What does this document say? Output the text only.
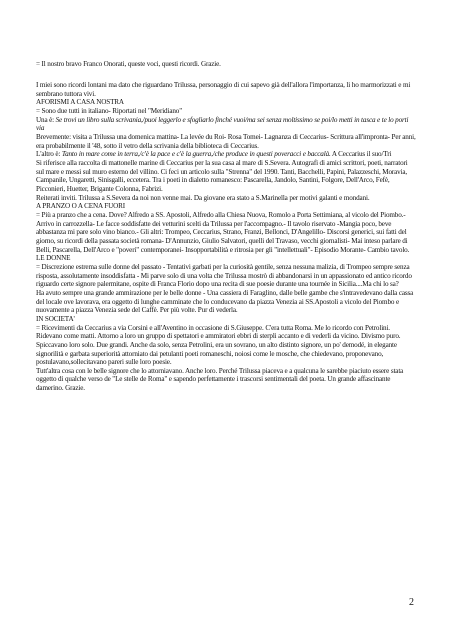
= Il nostro bravo Franco Onorati, queste voci, questi ricordi. Grazie.

I miei sono ricordi lontani ma dato che riguardano Trilussa, personaggio di cui sapevo già dell'allora l'importanza, li ho marmorizzati e mi sembrano tuttora vivi.

AFORISMI A CASA NOSTRA

= Sono due tutti in italiano- Riportati nel "Meridiano"

Una è: Se trovi un libro sulla scrivania,/puoi leggerlo e sfogliarlo finché vuoi/ma sei senza moltissimo se poi/lo metti in tasca e te lo porti via

Brevemente: visita a Trilussa una domenica mattina- La levée du Roi- Rosa Tomei- Lagnanza di Ceccarius- Scrittura all'impronta- Per anni, era probabilmente il '48, sotto il vetro della scrivania della biblioteca di Ceccarius.

L'altro è: Tanto in mare come in terra,/c'è la pace e c'è la guerra,/che produce in questi poveracci e baccalà. A Ceccarius il suo/Tri

Si riferisce alla raccolta di mattonelle marine di Ceccarius per la sua casa al mare di S.Severa. Autografi di amici scrittori, poeti, narratori sul mare e messi sul muro esterno del villino. Ci feci un articolo sulla "Strenna" del 1990. Tanti, Bacchelli, Papini, Palazzeschi, Moravia, Campanile, Ungaretti, Sinisgalli, eccetera. Tra i poeti in dialetto romanesco: Pascarella, Jandolo, Santini, Folgore, Dell'Arco, Fefè, Picconieri, Huetter, Brigante Colonna, Fabrizi.

Reiterati inviti. Trilussa a S.Severa da noi non venne mai. Da giovane era stato a S.Marinella per motivi galanti e mondani.

A PRANZO O A CENA FUORI

= Più a pranzo che a cena. Dove? Alfredo a SS. Apostoli, Alfredo alla Chiesa Nuova, Romolo a Porta Settimiana, al vicolo del Piombo.- Arrivo in carrozzella- Le facce soddisfatte dei vetturini scelti da Trilussa per l'accompagno.- Il tavolo riservato -Mangia poco, beve abbastanza mi pare solo vino bianco.- Gli altri: Trompeo, Ceccarius, Strano, Franzi, Bellonci, D'Angelillo- Discorsi generici, sui fatti del giorno, su ricordi della passata società romana- D'Annunzio, Giulio Salvatori, quelli del Travaso, vecchi giornalisti- Mai inteso parlare di Belli, Pascarella, Dell'Arco e "poveri" contemporanei- Insopportabilità e ritrosia per gli "intellettuali"- Episodio Morante- Cambio tavolo.

LE DONNE

= Discrezione estrema sulle donne del passato - Tentativi garbati per la curiosità gentile, senza nessuna malizia, di Trompeo sempre senza risposta, assolutamente insoddisfatta - Mi parve solo di una volta che Trilussa mostrò di abbandonarsi in un appassionato ed antico ricordo riguardo certe signore palermitane, ospite di Franca Florio dopo una recita di sue poesie durante una tournée in Sicilia....Ma chi lo sa?

Ha avuto sempre una grande ammirazione per le belle donne - Una cassiera di Faraglino, dalle belle gambe che s'intravedevano dalla cassa del locale ove lavorava, era oggetto di lunghe camminate che lo conducevano da piazza Venezia ai SS.Apostoli a vicolo del Piombo e nuovamente a piazza Venezia sede del Caffè. Per più volte. Pur di vederla.

IN SOCIETA'

= Ricevimenti da Ceccarius a via Corsini e all'Aventino in occasione di S.Giuseppe. C'era tutta Roma. Me lo ricordo con Petrolini. Ridevano come matti. Attorno a loro un gruppo di spettatori e ammiratori ebbri di sterpli accanto e di vederli da vicino. Divismo puro. Spiccavano loro solo. Due grandi. Anche da solo, senza Petrolini, era un sovrano, un alto distinto signore, un po' demodé, in elegante signorilità e garbata superiorità attorniato dai petulanti poeti romaneschi, noiosi come le mosche, che chiedevano, proponevano, postulavano,sollecitavano pareri sulle loro poesie.

Tutt'altra cosa con le belle signore che lo attorniavano. Anche loro. Perché Trilussa piaceva e a qualcuna le sarebbe piaciuto essere stata oggetto di qualche verso de "Le stelle de Roma" e sapendo perfettamente i trascorsi sentimentali del poeta. Un grande affascinante damerino. Grazie.

2
